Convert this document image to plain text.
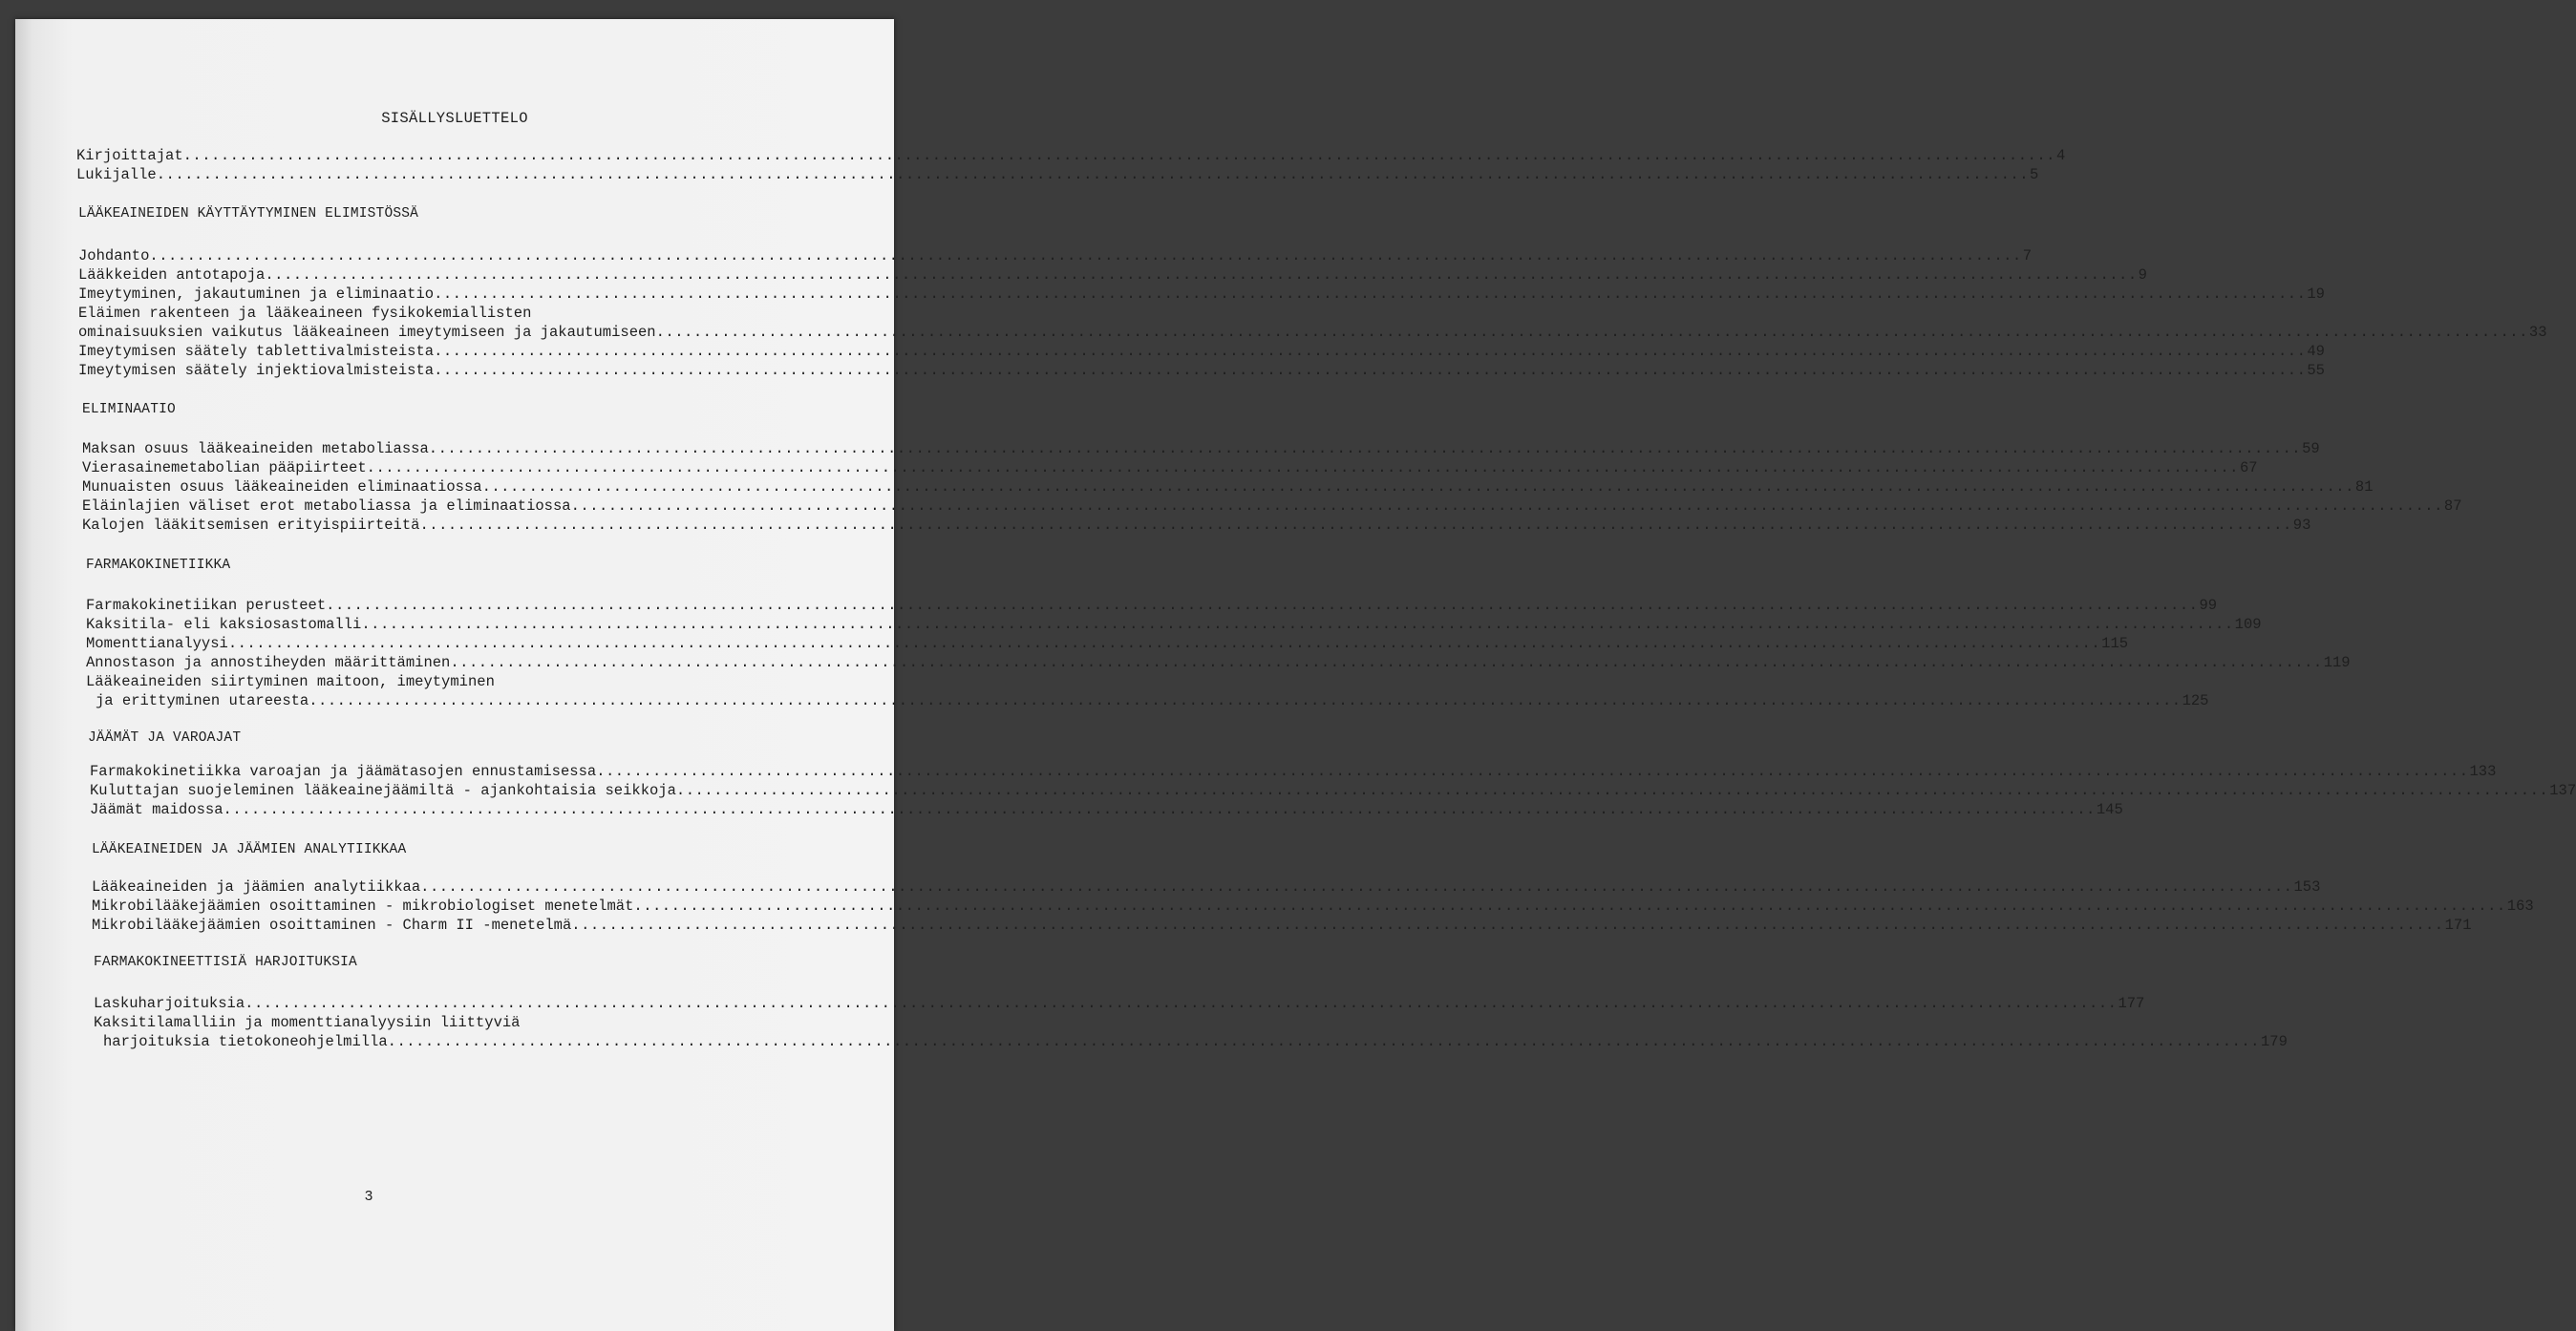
SISÄLLYSLUETTELO
Kirjoittajat ........................................................................................................................................................................................................ 4
Lukijalle ........................................................................................................................................................................................................ 5
LÄÄKEAINEIDEN KÄYTTÄYTYMINEN ELIMISTÖSSÄ
Johdanto ........................................................................................................................................................................................................ 7
Lääkkeiden antotapoja ........................................................................................................................................................................................................ 9
Imeytyminen, jakautuminen ja eliminaatio ........................................................................................................................................................................................................ 19
Eläimen rakenteen ja lääkeaineen fysikokemiallisten
ominaisuuksien vaikutus lääkeaineen imeytymiseen ja jakautumiseen ........................................................................................................................................................................................................ 33
Imeytymisen säätely tablettivalmisteista ........................................................................................................................................................................................................ 49
Imeytymisen säätely injektiovalmisteista ........................................................................................................................................................................................................ 55
ELIMINAATIO
Maksan osuus lääkeaineiden metaboliassa ........................................................................................................................................................................................................ 59
Vierasainemetabolian pääpiirteet ........................................................................................................................................................................................................ 67
Munuaisten osuus lääkeaineiden eliminaatiossa ........................................................................................................................................................................................................ 81
Eläinlajien väliset erot metaboliassa ja eliminaatiossa ........................................................................................................................................................................................................ 87
Kalojen lääkitsemisen erityispiirteitä ........................................................................................................................................................................................................ 93
FARMAKOKINETIIKKA
Farmakokinetiikan perusteet ........................................................................................................................................................................................................ 99
Kaksitila- eli kaksiosastomalli ........................................................................................................................................................................................................ 109
Momenttianalyysi ........................................................................................................................................................................................................ 115
Annostason ja annostiheyden määrittäminen ........................................................................................................................................................................................................ 119
Lääkeaineiden siirtyminen maitoon, imeytyminen
ja erittyminen utareesta ........................................................................................................................................................................................................ 125
JÄÄMÄT JA VAROAJAT
Farmakokinetiikka varoajan ja jäämätasojen ennustamisessa ........................................................................................................................................................................................................ 133
Kuluttajan suojeleminen lääkeainejäämiltä - ajankohtaisia seikkoja ........................................................................................................................................................................................................ 137
Jäämät maidossa ........................................................................................................................................................................................................ 145
LÄÄKEAINEIDEN JA JÄÄMIEN ANALYTIIKKAA
Lääkeaineiden ja jäämien analytiikkaa ........................................................................................................................................................................................................ 153
Mikrobilääkejäämien osoittaminen - mikrobiologiset menetelmät ........................................................................................................................................................................................................ 163
Mikrobilääkejäämien osoittaminen - Charm II -menetelmä ........................................................................................................................................................................................................ 171
FARMAKOKINEETTISIÄ HARJOITUKSIA
Laskuharjoituksia ........................................................................................................................................................................................................ 177
Kaksitilamalliin ja momenttianalyysiin liittyviä
harjoituksia tietokoneohjelmilla ........................................................................................................................................................................................................ 179
3
